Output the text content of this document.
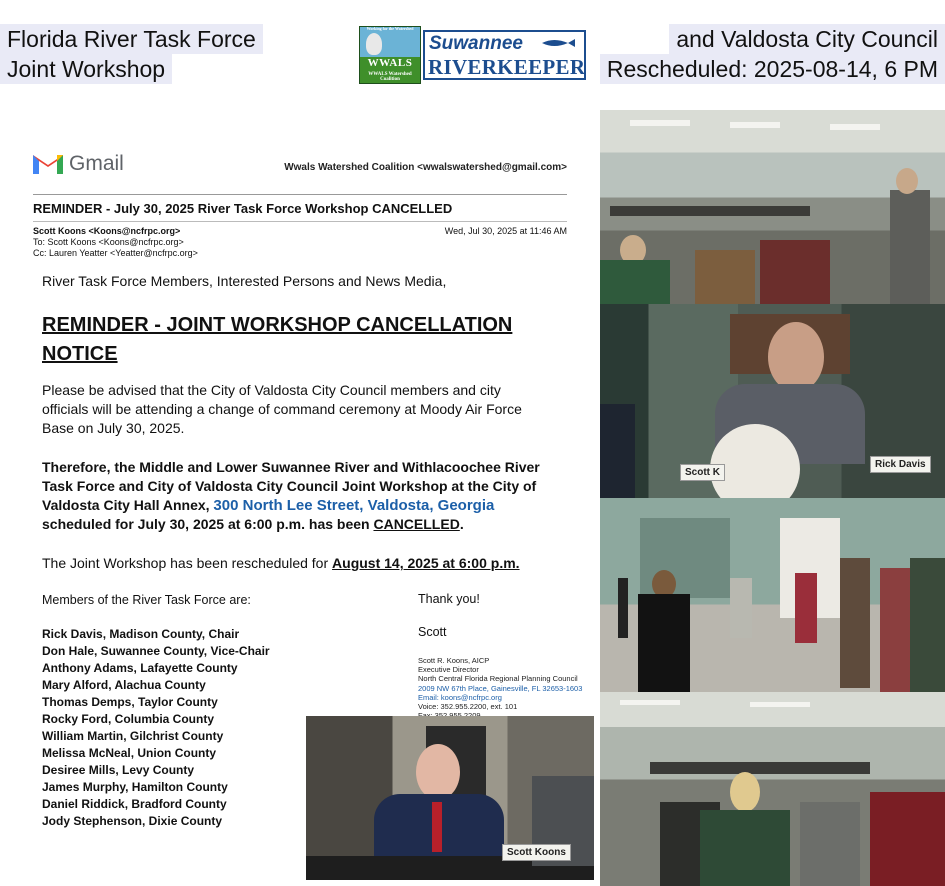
Florida River Task Force
Joint Workshop
and Valdosta City Council
Rescheduled: 2025-08-14, 6 PM
Working for the Watershed
WWALS
WWALS Watershed Coalition
Suwannee
RIVERKEEPER
Gmail	Wwals Watershed Coalition <wwalswatershed@gmail.com>
REMINDER - July 30, 2025 River Task Force Workshop CANCELLED
Scott Koons <Koons@ncfrpc.org>
To: Scott Koons <Koons@ncfrpc.org>
Cc: Lauren Yeatter <Yeatter@ncfrpc.org>
Wed, Jul 30, 2025 at 11:46 AM
River Task Force Members, Interested Persons and News Media,
REMINDER - JOINT WORKSHOP CANCELLATION NOTICE
Please be advised that the City of Valdosta City Council members and city officials will be attending a change of command ceremony at Moody Air Force Base on July 30, 2025.
Therefore, the Middle and Lower Suwannee River and Withlacoochee River Task Force and City of Valdosta City Council Joint Workshop at the City of Valdosta City Hall Annex, 300 North Lee Street, Valdosta, Georgia scheduled for July 30, 2025 at 6:00 p.m. has been CANCELLED.
The Joint Workshop has been rescheduled for August 14, 2025 at 6:00 p.m.
Members of the River Task Force are:
Rick Davis, Madison County, Chair
Don Hale, Suwannee County, Vice-Chair
Anthony Adams, Lafayette County
Mary Alford, Alachua County
Thomas Demps, Taylor County
Rocky Ford, Columbia County
William Martin, Gilchrist County
Melissa McNeal, Union County
Desiree Mills, Levy County
James Murphy, Hamilton County
Daniel Riddick, Bradford County
Jody Stephenson, Dixie County
Thank you!
Scott
Scott R. Koons, AICP
Executive Director
North Central Florida Regional Planning Council
2009 NW 67th Place, Gainesville, FL 32653-1603
Email: koons@ncfrpc.org
Voice: 352.955.2200, ext. 101
Scott K
Rick Davis
Scott Koons
